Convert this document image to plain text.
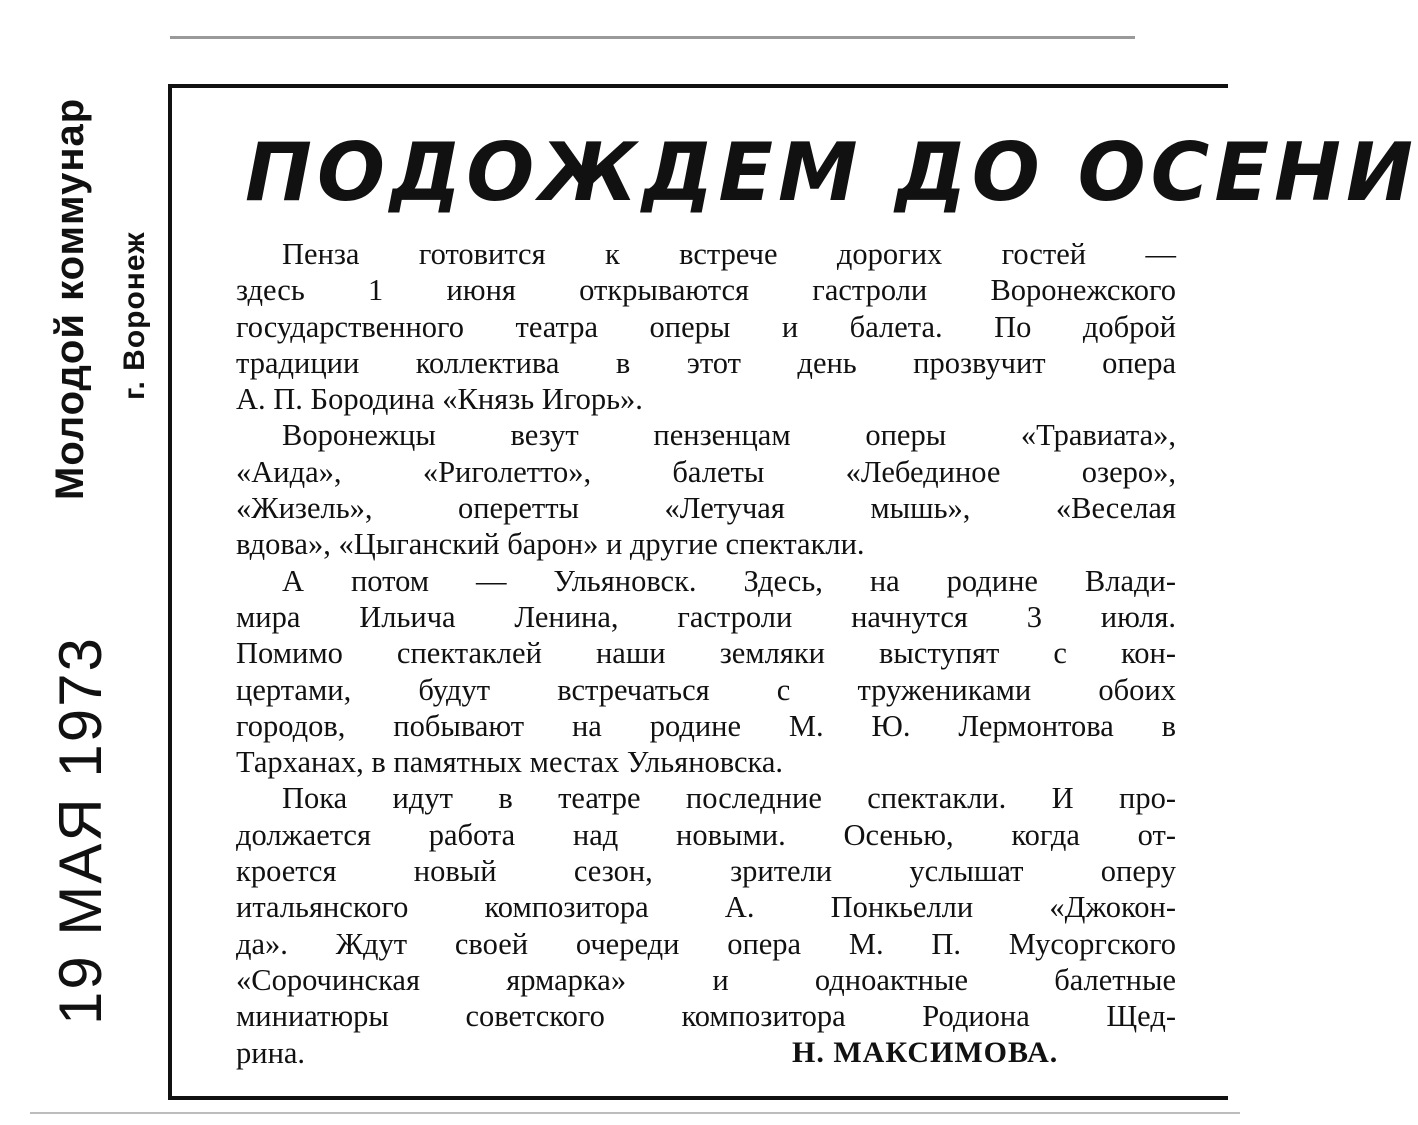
Молодой коммунар г. Воронеж
19 МАЯ 1973
ПОДОЖДЕМ ДО ОСЕНИ
Пенза готовится к встрече дорогих гостей —
здесь 1 июня открываются гастроли Воронежского
государственного театра оперы и балета. По доброй
традиции коллектива в этот день прозвучит опера
А. П. Бородина «Князь Игорь».
Воронежцы везут пензенцам оперы «Травиата»,
«Аида», «Риголетто», балеты «Лебединое озеро»,
«Жизель», оперетты «Летучая мышь», «Веселая
вдова», «Цыганский барон» и другие спектакли.
А потом — Ульяновск. Здесь, на родине Влади-
мира Ильича Ленина, гастроли начнутся 3 июля.
Помимо спектаклей наши земляки выступят с кон-
цертами, будут встречаться с тружениками обоих
городов, побывают на родине М. Ю. Лермонтова в
Тарханах, в памятных местах Ульяновска.
Пока идут в театре последние спектакли. И про-
должается работа над новыми. Осенью, когда от-
кроется новый сезон, зрители услышат оперу
итальянского композитора А. Понкьелли «Джокон-
да». Ждут своей очереди опера М. П. Мусоргского
«Сорочинская ярмарка» и одноактные балетные
миниатюры советского композитора Родиона Щед-
рина.	Н. МАКСИМОВА.
